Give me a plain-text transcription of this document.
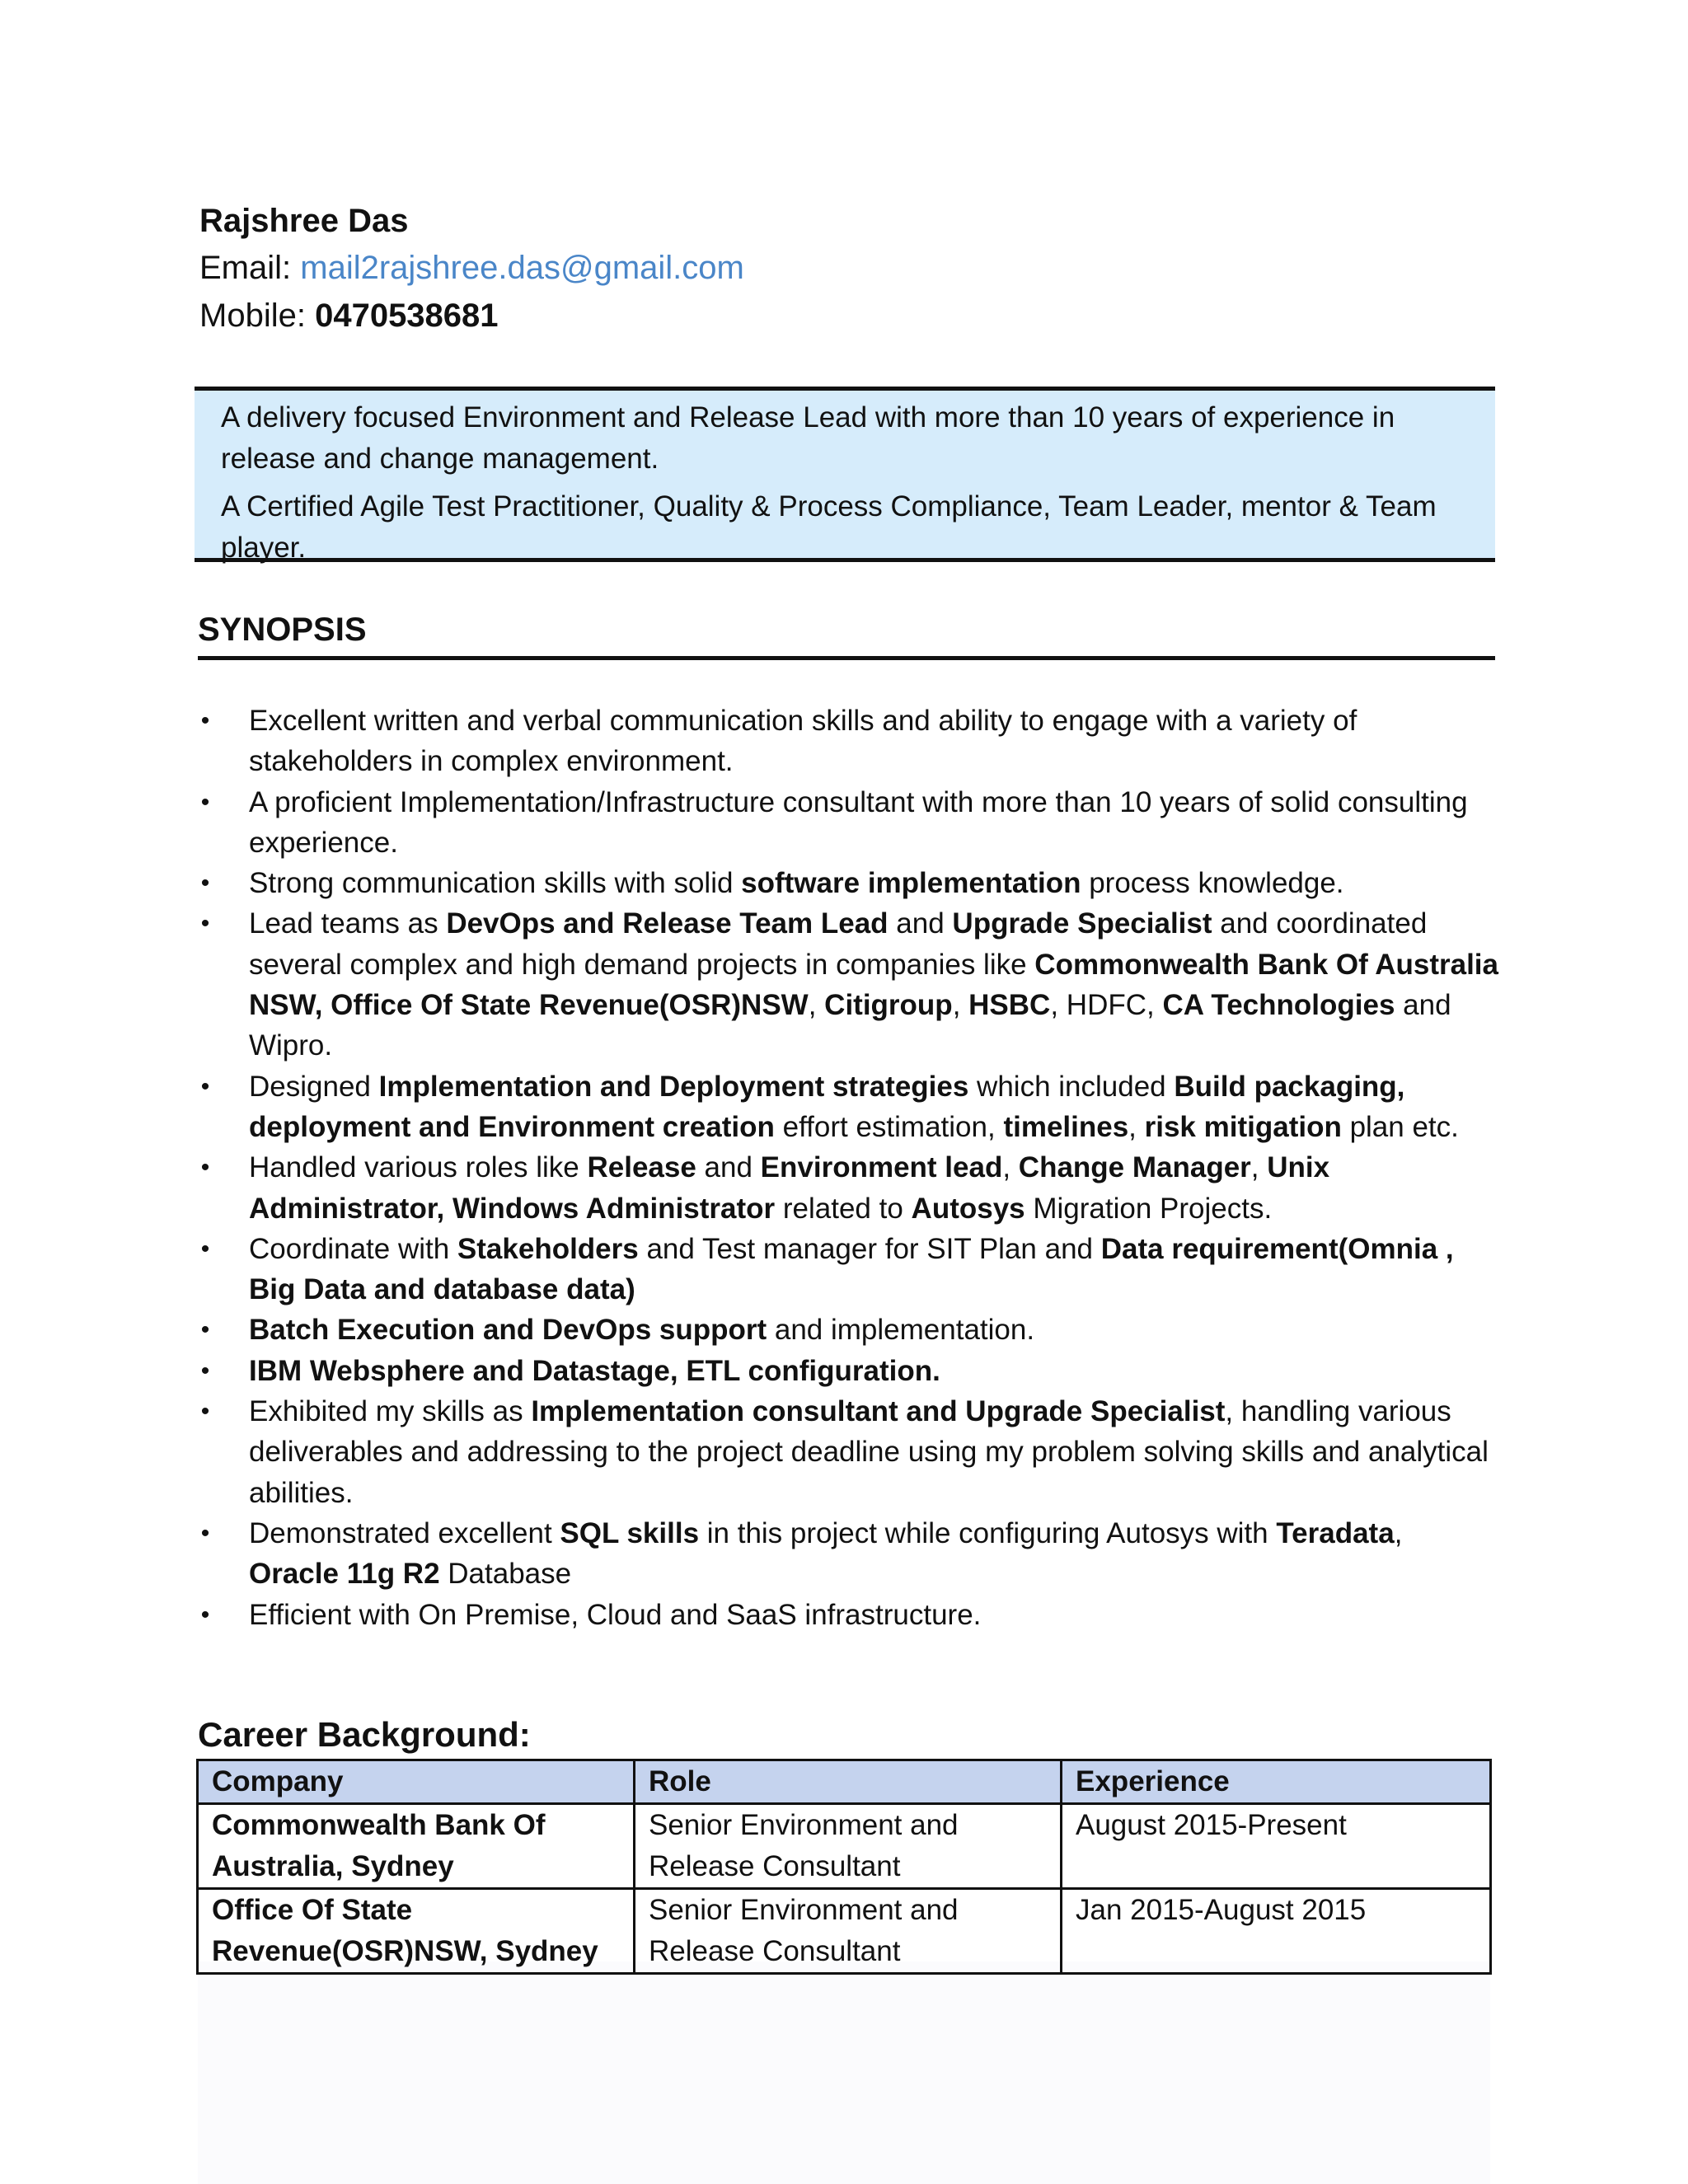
Rajshree Das
Email: mail2rajshree.das@gmail.com
Mobile: 0470538681

A delivery focused Environment and Release Lead with more than 10 years of experience in release and change management.

A Certified Agile Test Practitioner, Quality & Process Compliance, Team Leader, mentor & Team player.

SYNOPSIS
• Excellent written and verbal communication skills and ability to engage with a variety of stakeholders in complex environment.
• A proficient Implementation/Infrastructure consultant with more than 10 years of solid consulting experience.
• Strong communication skills with solid software implementation process knowledge.
• Lead teams as DevOps and Release Team Lead and Upgrade Specialist and coordinated several complex and high demand projects in companies like Commonwealth Bank Of Australia NSW, Office Of State Revenue(OSR)NSW, Citigroup, HSBC, HDFC, CA Technologies and Wipro.
• Designed Implementation and Deployment strategies which included Build packaging, deployment and Environment creation effort estimation, timelines, risk mitigation plan etc.
• Handled various roles like Release and Environment lead, Change Manager, Unix Administrator, Windows Administrator related to Autosys Migration Projects.
• Coordinate with Stakeholders and Test manager for SIT Plan and Data requirement(Omnia , Big Data and database data)
• Batch Execution and DevOps support and implementation.
• IBM Websphere and Datastage, ETL configuration.
• Exhibited my skills as Implementation consultant and Upgrade Specialist, handling various deliverables and addressing to the project deadline using my problem solving skills and analytical abilities.
• Demonstrated excellent SQL skills in this project while configuring Autosys with Teradata, Oracle 11g R2 Database
• Efficient with On Premise, Cloud and SaaS infrastructure.
Career Background:
Company	Role	Experience
Commonwealth Bank Of Australia, Sydney	Senior Environment and Release Consultant	August 2015-Present
Office Of State Revenue(OSR)NSW, Sydney	Senior Environment and Release Consultant	Jan 2015-August 2015
